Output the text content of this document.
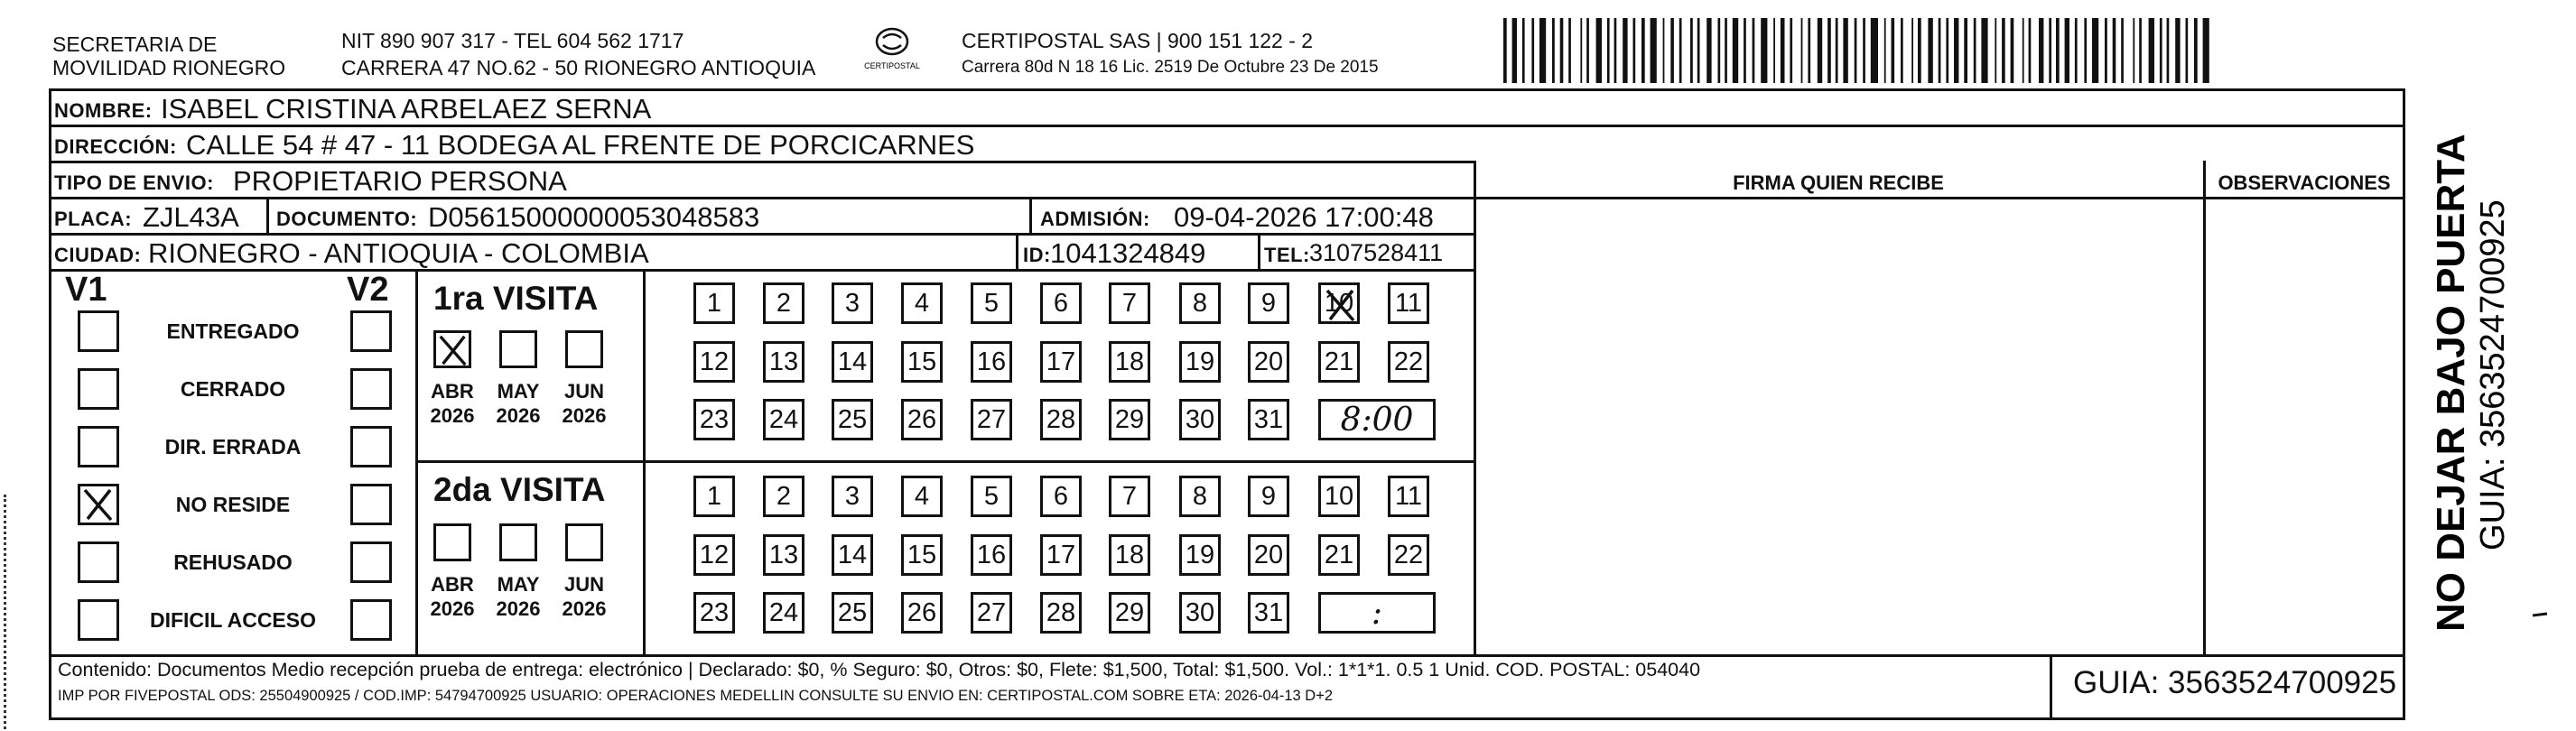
SECRETARIA DE
MOVILIDAD RIONEGRO
NIT 890 907 317 - TEL 604 562 1717
CARRERA 47 NO.62 - 50 RIONEGRO ANTIOQUIA	CERTIPOSTAL
CERTIPOSTAL SAS | 900 151 122 - 2
Carrera 80d N 18 16 Lic. 2519 De Octubre 23 De 2015
NOMBRE: ISABEL CRISTINA ARBELAEZ SERNA
DIRECCIÓN: CALLE 54 # 47 - 11 BODEGA AL FRENTE DE PORCICARNES
TIPO DE ENVIO: PROPIETARIO PERSONA	FIRMA QUIEN RECIBE	OBSERVACIONES
PLACA: ZJL43A DOCUMENTO: D05615000000053048583	ADMISIÓN: 09-04-2026 17:00:48
CIUDAD: RIONEGRO - ANTIOQUIA - COLOMBIA	ID: 1041324849	TEL: 3107528411
V1	V2
ENTREGADO
CERRADO
DIR. ERRADA
NO RESIDE
REHUSADO
DIFICIL ACCESO
1ra VISITA
2da VISITA
ABR
2026
MAY
2026
JUN
2026
1	2	3	4	5	6	7	8	9	10 11
12 13 14 15 16 17 18 19 20 21 22
23 24 25 26 27 28 29 30 31	8:00
ABR
2026
MAY
2026
JUN
2026
1	2	3	4	5	6	7	8	9	10 11
12 13 14 15 16 17 18 19 20 21 22
23 24 25 26 27 28 29 30 31	:
Contenido: Documentos Medio recepción prueba de entrega: electrónico | Declarado: $0, % Seguro: $0, Otros: $0, Flete: $1,500, Total: $1,500. Vol.: 1*1*1. 0.5 1 Unid. COD. POSTAL: 054040
IMP POR FIVEPOSTAL ODS: 25504900925 / COD.IMP: 54794700925 USUARIO: OPERACIONES MEDELLIN CONSULTE SU ENVIO EN: CERTIPOSTAL.COM SOBRE ETA: 2026-04-13 D+2	GUIA: 3563524700925
NO DEJAR BAJO PUERTA GUIA: 3563524700925
